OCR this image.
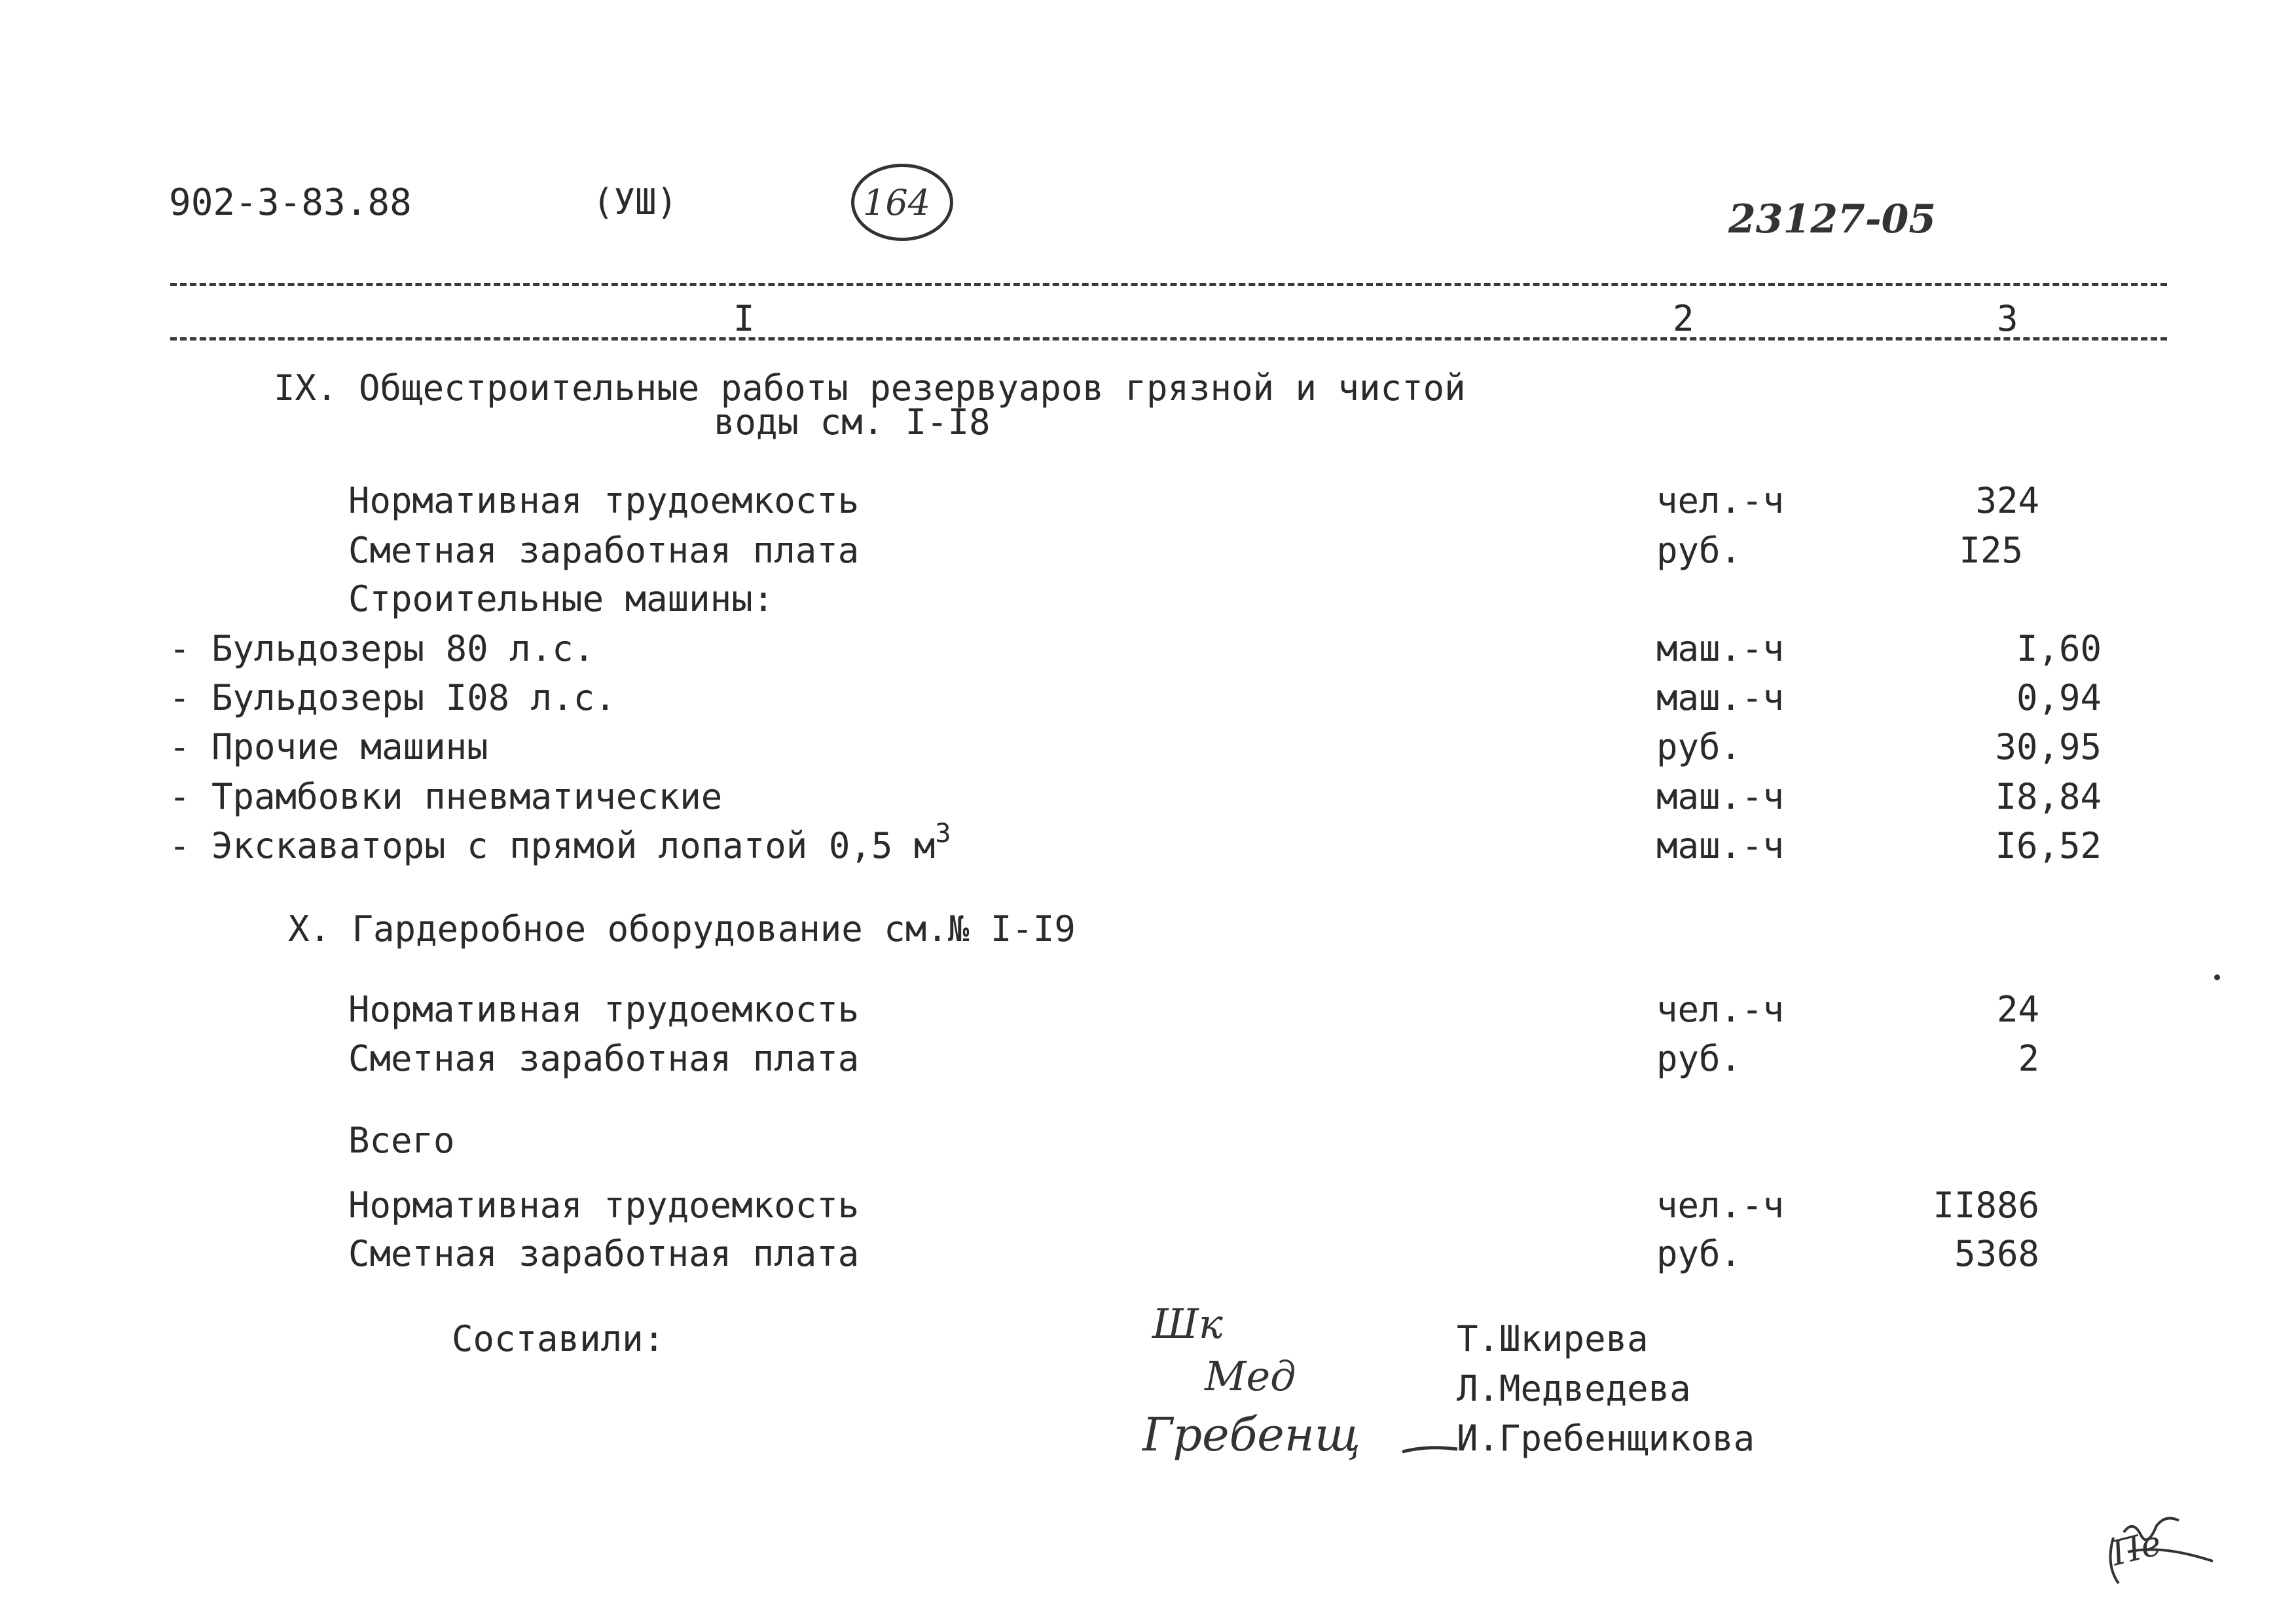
902-3-83.88	(УШ)	164	23127-05
I	2	3
IX. Общестроительные работы резервуаров грязной и чистой
воды см. I-I8
Нормативная трудоемкость	чел.-ч	324
Сметная заработная плата	руб.	I25
Строительные машины:
- Бульдозеры 80 л.с.	маш.-ч	I,60
- Бульдозеры I08 л.с.	маш.-ч	0,94
- Прочие машины	руб.	30,95
- Трамбовки пневматические	маш.-ч	I8,84
- Экскаваторы с прямой лопатой 0,5 $м^3$	маш.-ч	I6,52
X. Гардеробное оборудование см.№ I-I9
Нормативная трудоемкость	чел.-ч	24
Сметная заработная плата	руб.	2
Всего
Нормативная трудоемкость	чел.-ч	II886
Сметная заработная плата	руб.	5368
Составили:	Шк
Мед
Гребенщ
Т.Шкирева
Л.Медведева
И.Гребенщикова
Пе
